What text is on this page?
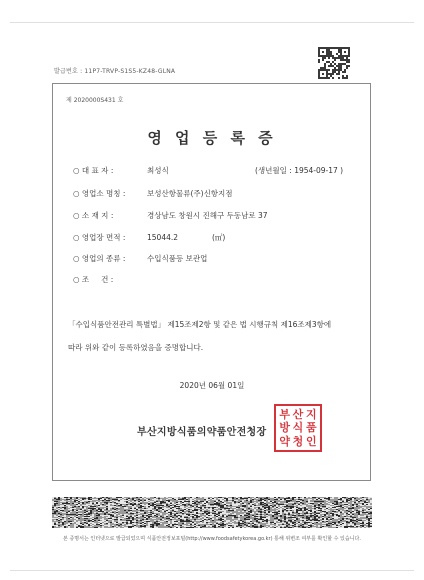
발급번호 : 11P7-TRVP-S1S5-KZ48-GLNA
제 2020000S431 호
영 업 등 록 증
○ 대 표 자 :	최성식	(생년월일 : 1954-09-17 )
○ 영업소 명칭 :	보성산항물류(주)신항지점
○ 소 재 지 :	경상남도 창원시 진해구 두동남로 37
○ 영업장 면적 :	15044.2	(㎡)
○ 영업의 종류 :	수입식품등 보관업
○ 조     건 :
「수입식품안전관리 특별법」 제15조제2항 및 같은 법 시행규칙 제16조제3항에
따라 위와 같이 등록하였음을 증명합니다.
2020년 06월 01일
부산지방식품의약품안전청장
부 산 지
방 식 품
약 청 인
본 증명서는 인터넷으로 발급되었으며 식품안전정보포털(http://www.foodsafetykorea.go.kr) 통해 위변조 여부를 확인할 수 있습니다.
